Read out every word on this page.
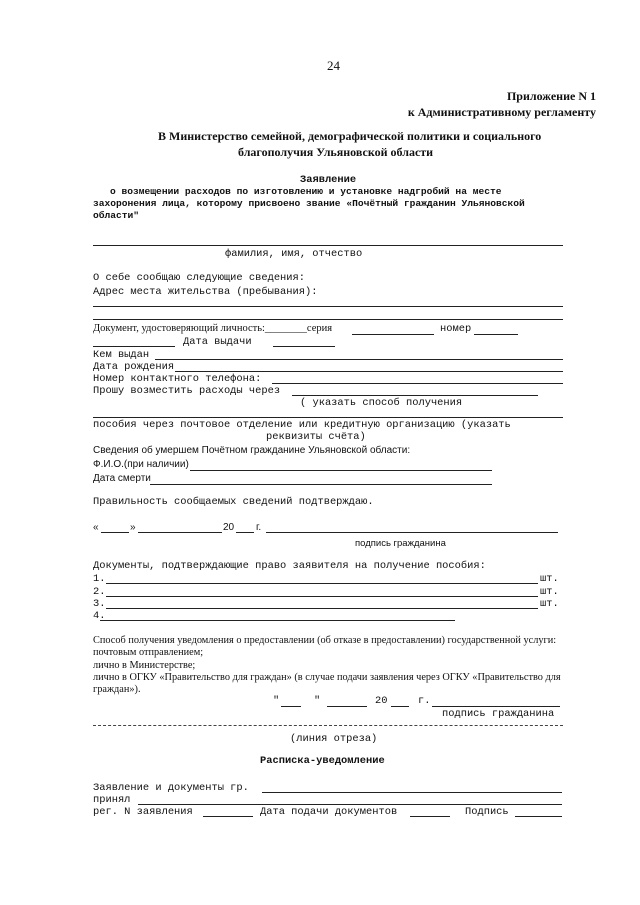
24
Приложение N 1
к Административному регламенту
В Министерство семейной, демографической политики и социального
благополучия Ульяновской области
Заявление
о возмещении расходов по изготовлению и установке надгробий на месте
захоронения лица, которому присвоено звание «Почётный гражданин Ульяновской
области"
фамилия, имя, отчество
О себе сообщаю следующие сведения:
Адрес места жительства (пребывания):
Документ, удостоверяющий личность:________серия	номер
Дата выдачи
Кем выдан
Дата рождения
Номер контактного телефона:
Прошу возместить расходы через
( указать способ получения
пособия через почтовое отделение или кредитную организацию (указать
реквизиты счёта)
Сведения об умершем Почётном гражданине Ульяновской области:
Ф.И.О.(при наличии)
Дата смерти
Правильность сообщаемых сведений подтверждаю.
«	»	20 г.
подпись гражданина
Документы, подтверждающие право заявителя на получение пособия:
1.	шт.
2.	шт.
3.	шт.
4.
Способ получения уведомления о предоставлении (об отказе в предоставлении) государственной услуги:
почтовым отправлением;
лично в Министерстве;
лично в ОГКУ «Правительство для граждан» (в случае подачи заявления через ОГКУ «Правительство для
граждан»).
"	"	20	г.
подпись гражданина
(линия отреза)
Расписка-уведомление
Заявление и документы гр.
принял
рег. N заявления	Дата подачи документов	Подпись
